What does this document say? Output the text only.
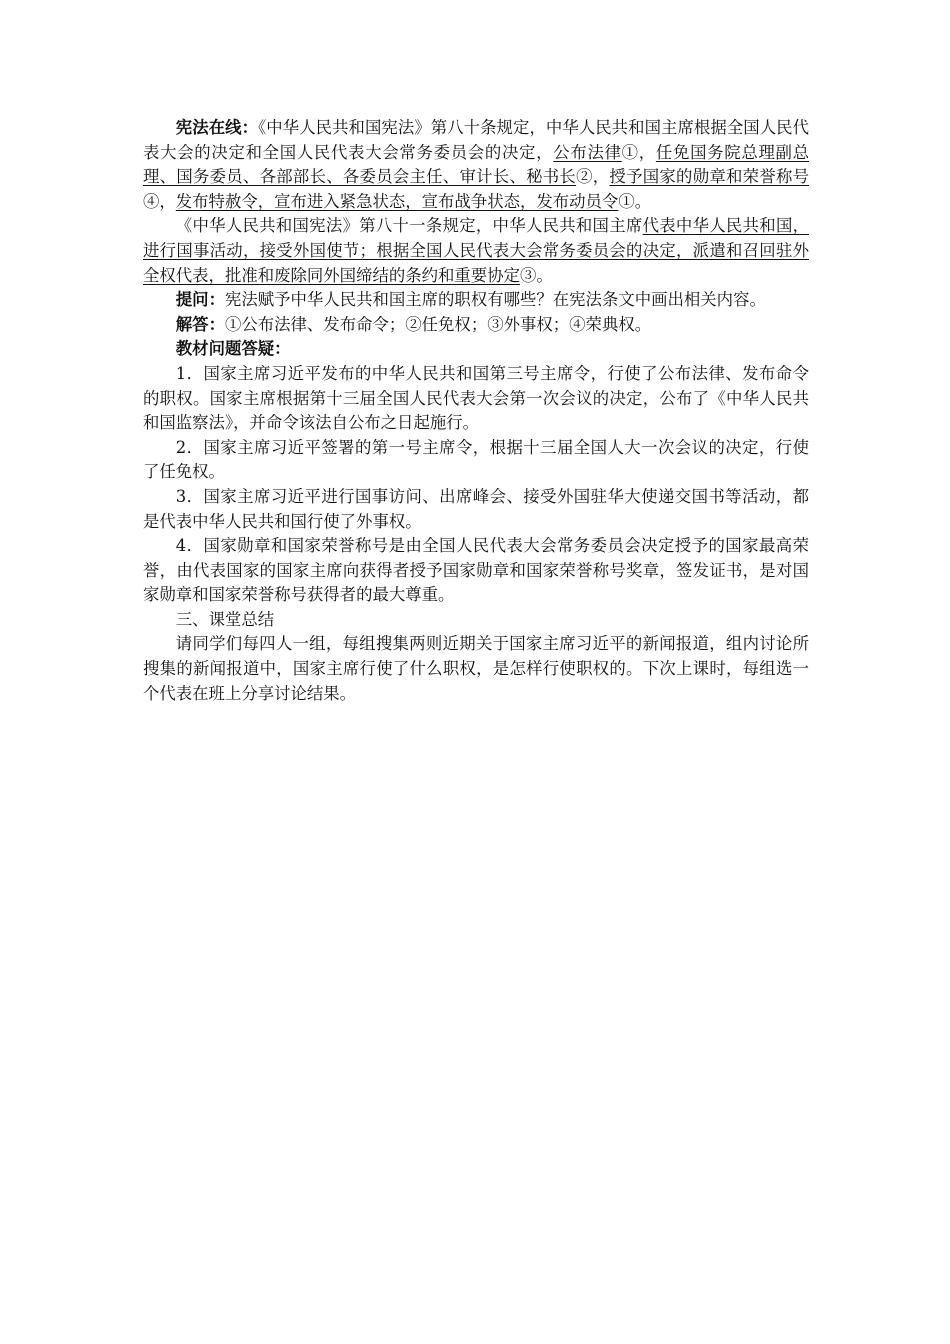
宪法在线：《中华人民共和国宪法》第八十条规定，中华人民共和国主席根据全国人民代表大会的决定和全国人民代表大会常务委员会的决定，公布法律①，任免国务院总理副总理、国务委员、各部部长、各委员会主任、审计长、秘书长②，授予国家的勋章和荣誉称号④，发布特赦令，宣布进入紧急状态，宣布战争状态，发布动员令①。

《中华人民共和国宪法》第八十一条规定，中华人民共和国主席代表中华人民共和国，进行国事活动，接受外国使节；根据全国人民代表大会常务委员会的决定，派遣和召回驻外全权代表，批准和废除同外国缔结的条约和重要协定③。

提问：宪法赋予中华人民共和国主席的职权有哪些？在宪法条文中画出相关内容。

解答：①公布法律、发布命令；②任免权；③外事权；④荣典权。

教材问题答疑：

1．国家主席习近平发布的中华人民共和国第三号主席令，行使了公布法律、发布命令的职权。国家主席根据第十三届全国人民代表大会第一次会议的决定，公布了《中华人民共和国监察法》，并命令该法自公布之日起施行。

2．国家主席习近平签署的第一号主席令，根据十三届全国人大一次会议的决定，行使了任免权。

3．国家主席习近平进行国事访问、出席峰会、接受外国驻华大使递交国书等活动，都是代表中华人民共和国行使了外事权。

4．国家勋章和国家荣誉称号是由全国人民代表大会常务委员会决定授予的国家最高荣誉，由代表国家的国家主席向获得者授予国家勋章和国家荣誉称号奖章，签发证书，是对国家勋章和国家荣誉称号获得者的最大尊重。

三、课堂总结

请同学们每四人一组，每组搜集两则近期关于国家主席习近平的新闻报道，组内讨论所搜集的新闻报道中，国家主席行使了什么职权，是怎样行使职权的。下次上课时，每组选一个代表在班上分享讨论结果。
